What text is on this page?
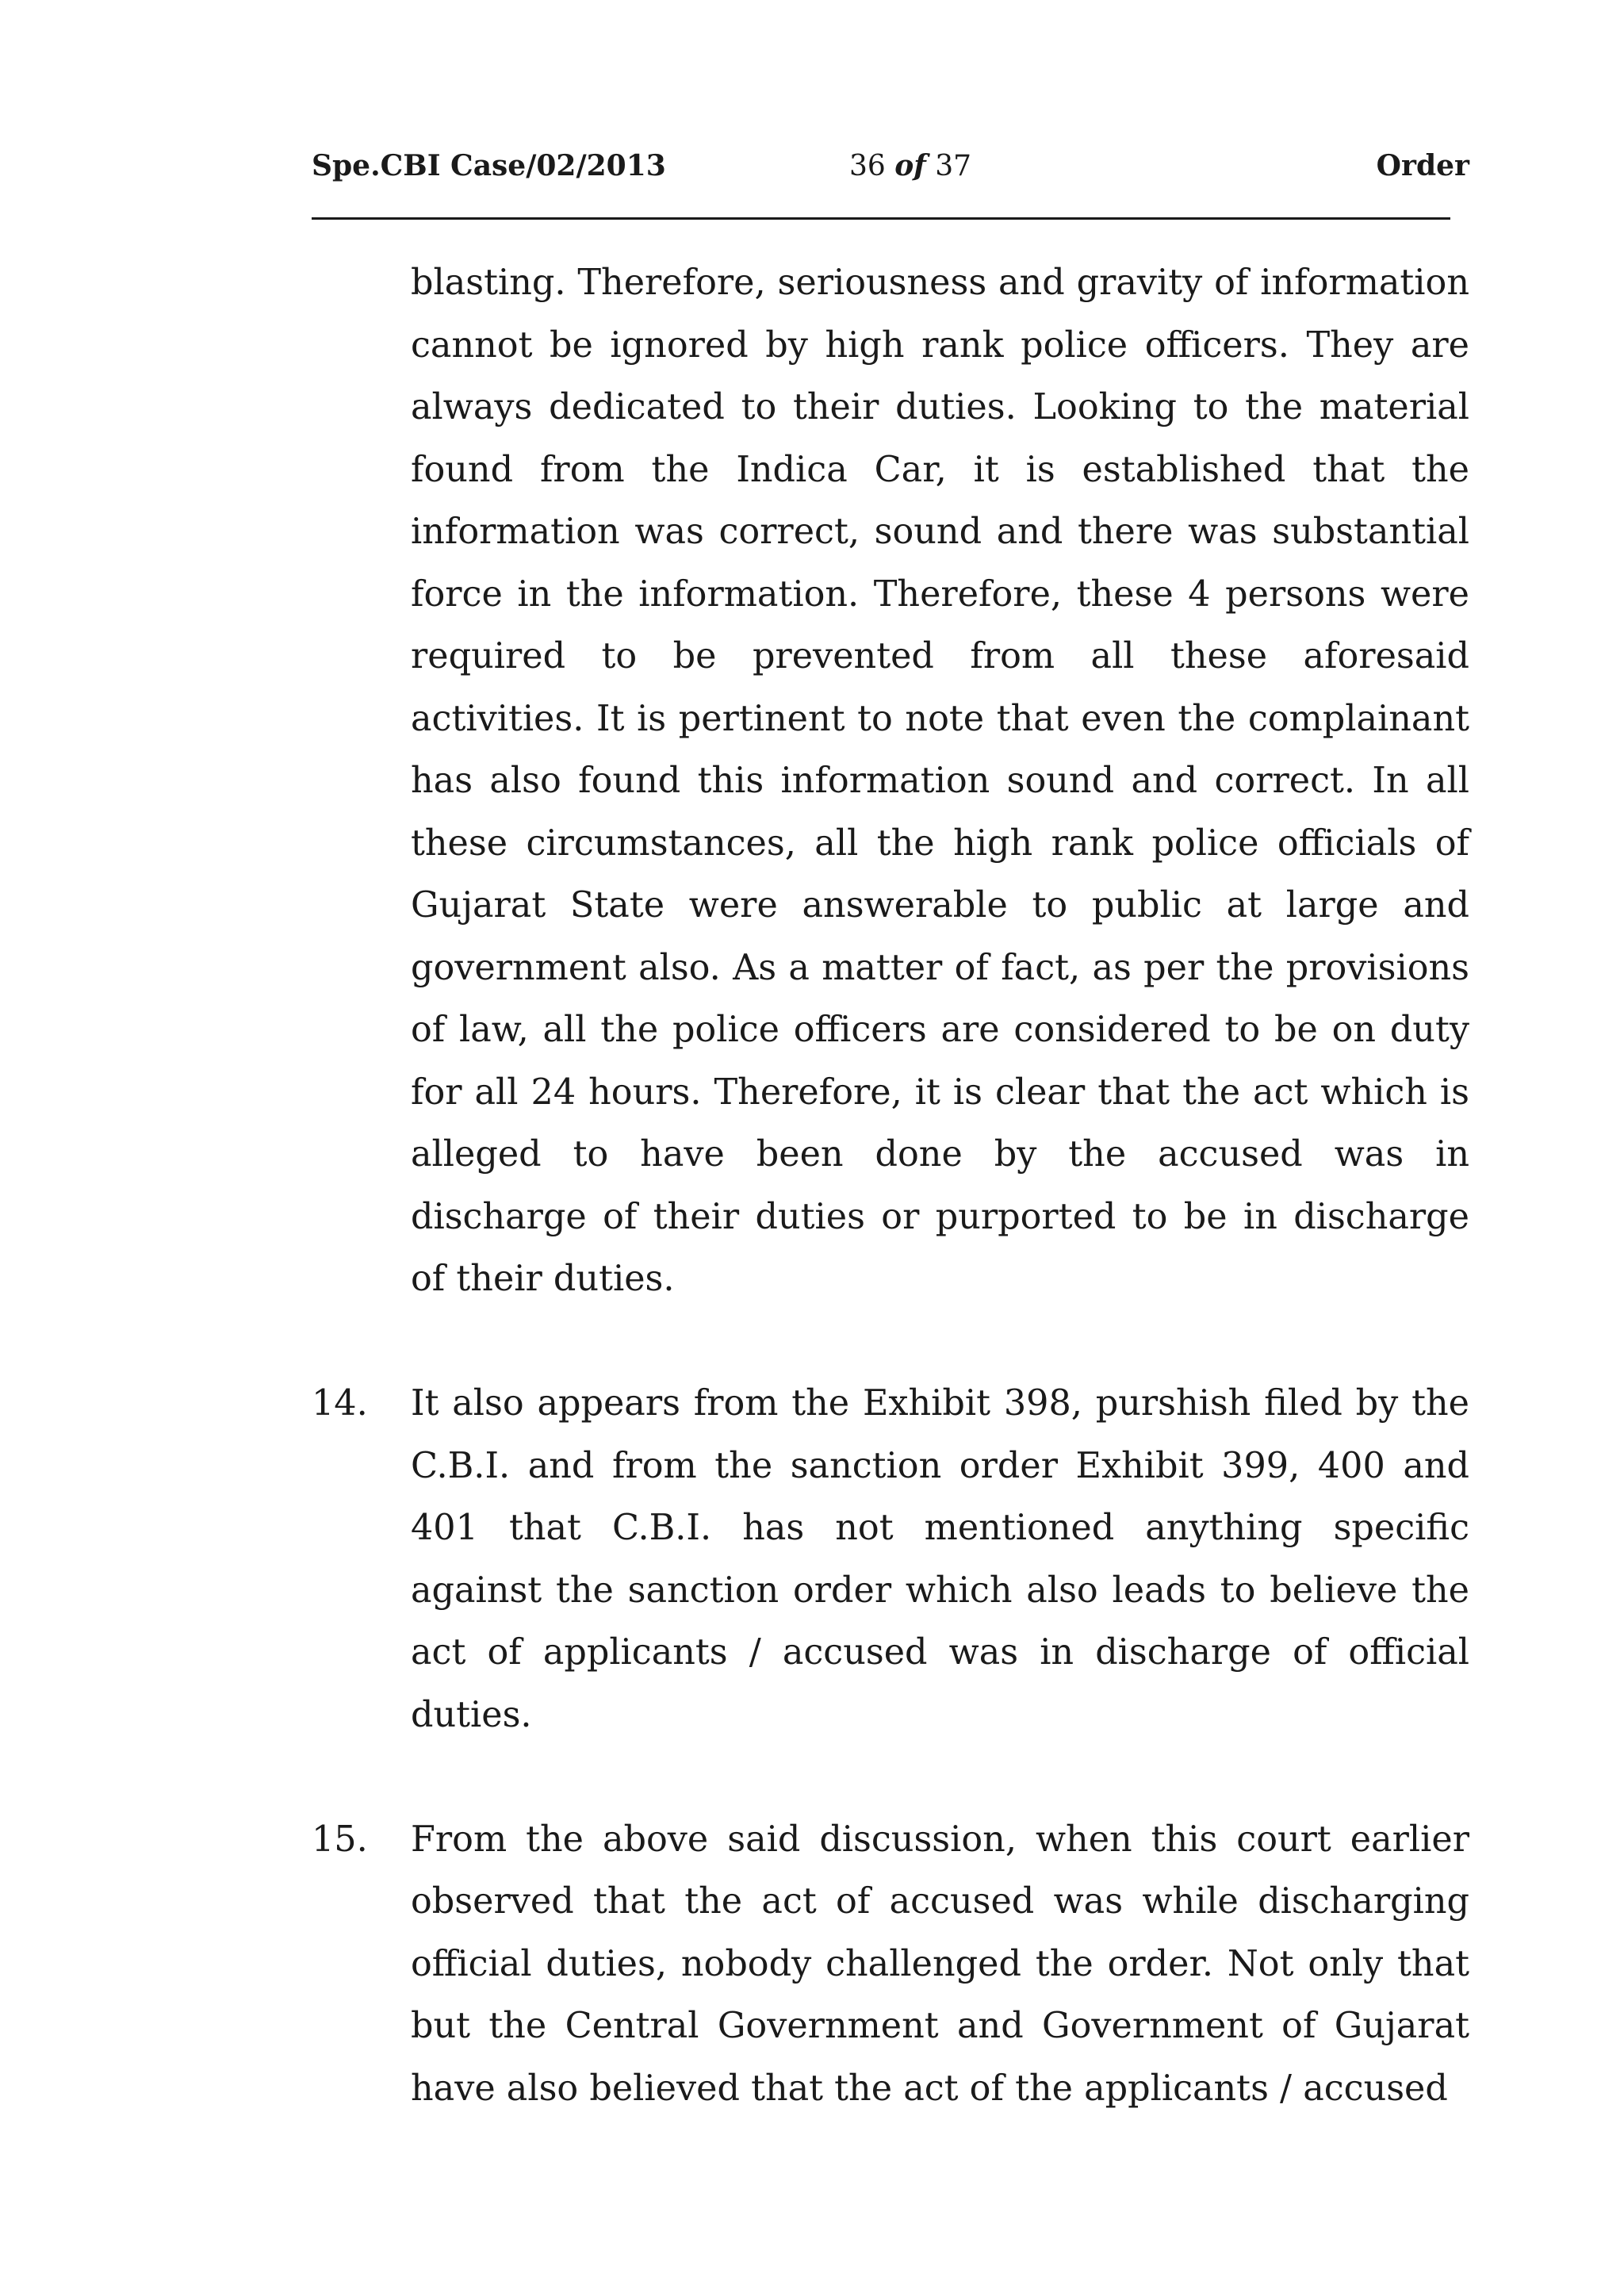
Spe.CBI Case/02/2013	36 of 37	Order

blasting. Therefore, seriousness and gravity of information cannot be ignored by high rank police officers. They are always dedicated to their duties. Looking to the material found from the Indica Car, it is established that the information was correct, sound and there was substantial force in the information. Therefore, these 4 persons were required to be prevented from all these aforesaid activities. It is pertinent to note that even the complainant has also found this information sound and correct. In all these circumstances, all the high rank police officials of Gujarat State were answerable to public at large and government also. As a matter of fact, as per the provisions of law, all the police officers are considered to be on duty for all 24 hours. Therefore, it is clear that the act which is alleged to have been done by the accused was in discharge of their duties or purported to be in discharge of their duties.

14. It also appears from the Exhibit 398, purshish filed by the C.B.I. and from the sanction order Exhibit 399, 400 and 401 that C.B.I. has not mentioned anything specific against the sanction order which also leads to believe the act of applicants / accused was in discharge of official duties.

15. From the above said discussion, when this court earlier observed that the act of accused was while discharging official duties, nobody challenged the order. Not only that but the Central Government and Government of Gujarat have also believed that the act of the applicants / accused
